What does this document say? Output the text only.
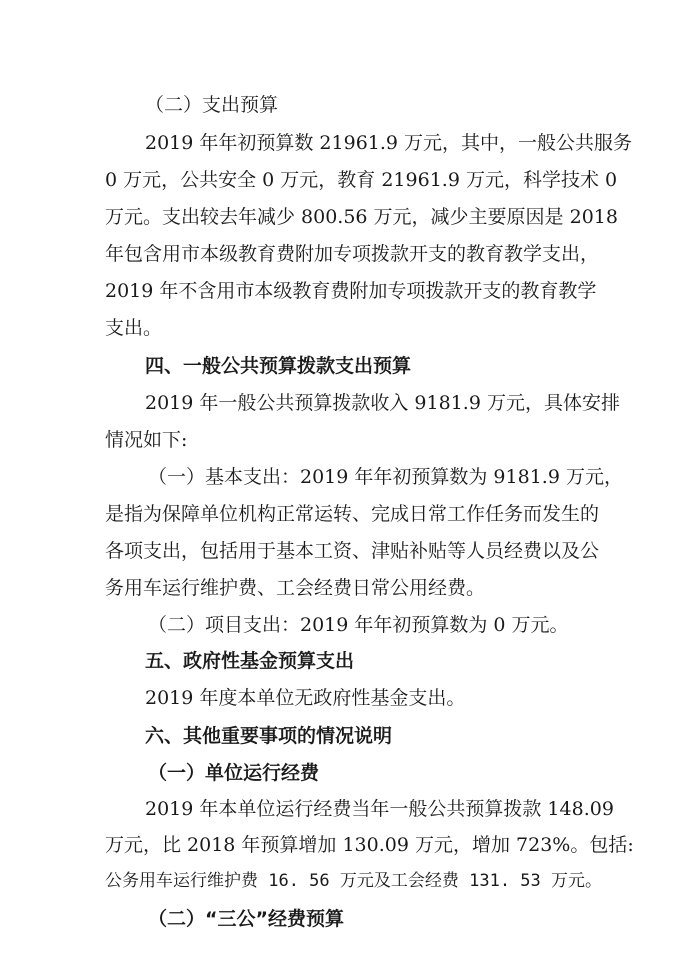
（二）支出预算
2019 年年初预算数 21961.9 万元，其中，一般公共服务
0 万元，公共安全 0 万元，教育 21961.9 万元，科学技术 0
万元。支出较去年减少 800.56 万元，减少主要原因是 2018
年包含用市本级教育费附加专项拨款开支的教育教学支出，
2019 年不含用市本级教育费附加专项拨款开支的教育教学
支出。
四、一般公共预算拨款支出预算
2019 年一般公共预算拨款收入 9181.9 万元，具体安排
情况如下:
（一）基本支出：2019 年年初预算数为 9181.9 万元，
是指为保障单位机构正常运转、完成日常工作任务而发生的
各项支出，包括用于基本工资、津贴补贴等人员经费以及公
务用车运行维护费、工会经费日常公用经费。
（二）项目支出：2019 年年初预算数为 0 万元。
五、政府性基金预算支出
2019 年度本单位无政府性基金支出。
六、其他重要事项的情况说明
（一）单位运行经费
2019 年本单位运行经费当年一般公共预算拨款 148.09
万元，比 2018 年预算增加 130.09 万元，增加 723%。包括:
公务用车运行维护费 16. 56 万元及工会经费 131. 53 万元。
（二）“三公”经费预算
